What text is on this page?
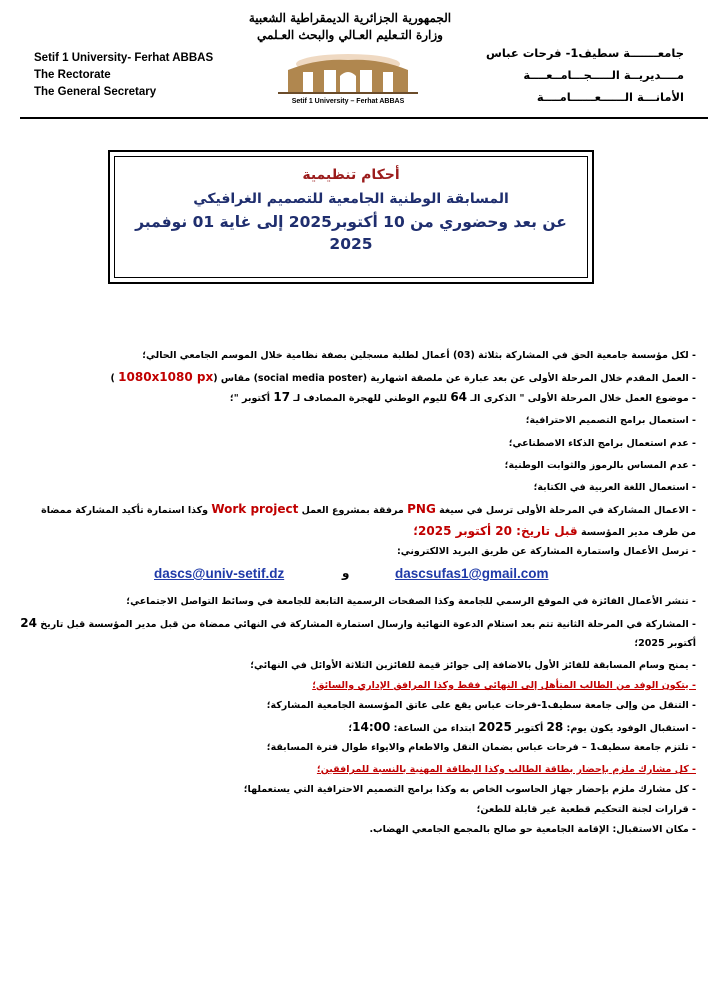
Setif 1 University- Ferhat ABBAS
The Rectorate
The General Secretary
الجمهورية الجزائرية الديمقراطية الشعبية
وزارة التـعليم العـالي والبحث العـلمي
Setif 1 University – Ferhat ABBAS
جامعـــــــة سطيف1- فرحات عباس
مــــديريــة الـــــجـــامــعــــة
الأمانـــة الــــــعــــــامــــة
أحكام تنظيمية
المسابقة الوطنية الجامعية للتصميم الغرافيكي
عن بعد وحضوري من 10 أكتوبر2025 إلى غاية 01 نوفمبر 2025
- لكل مؤسسة جامعية الحق في المشاركة بثلاثة (03) أعمال لطلبة مسجلين بصفة نظامية خلال الموسم الجامعي الحالي؛
- العمل المقدم خلال المرحلة الأولى عن بعد عبارة عن ملصقة اشهارية (social media poster) مقاس (1080x1080 px )
- موضوع العمل خلال المرحلة الأولى " الذكرى الـ 64 لليوم الوطني للهجرة المصادف لـ 17 أكتوبر "؛
- استعمال برامج التصميم الاحترافية؛
- عدم استعمال برامج الذكاء الاصطناعي؛
- عدم المساس بالرموز والثوابت الوطنية؛
- استعمال اللغة العربية في الكتابة؛
- الاعمال المشاركة في المرحلة الأولى ترسل في سيغة PNG مرفقة بمشروع العمل Work project وكذا استمارة تأكيد المشاركة ممضاة
من طرف مدير المؤسسة قبل تاريخ: 20 أكتوبر 2025؛
- ترسل الأعمال واستمارة المشاركة عن طريق البريد الالكتروني:
dascsufas1@gmail.com
و
dascs@univ-setif.dz
- تنشر الأعمال الفائزة في الموقع الرسمي للجامعة وكذا الصفحات الرسمية التابعة للجامعة في وسائط التواصل الاجتماعي؛
- المشاركة في المرحلة الثانية تتم بعد استلام الدعوة النهائية وارسال استمارة المشاركة في النهائي ممضاة من قبل مدير المؤسسة قبل تاريخ 24
أكتوبر 2025؛
- يمنح وسام المسابقة للفائز الأول بالاضافة إلى جوائز قيمة للفائزين الثلاثة الأوائل في النهائي؛
- يتكون الوفد من الطالب المتأهل إلى النهائي فقط وكذا المرافق الإداري والسائق؛
- التنقل من وإلى جامعة سطيف1-فرحات عباس يقع على عاتق المؤسسة الجامعية المشاركة؛
- استقبال الوفود يكون يوم: 28 أكتوبر 2025 ابتداء من الساعة: 14:00؛
- تلتزم جامعة سطيف1 – فرحات عباس بضمان النقل والاطعام والايواء طوال فترة المسابقة؛
- كل مشارك ملزم بإحضار بطاقة الطالب وكذا البطاقة المهنية بالنسبة للمرافقين؛
- كل مشارك ملزم بإحضار جهاز الحاسوب الخاص به وكذا برامج التصميم الاحترافية التي يستعملها؛
- قرارات لجنة التحكيم قطعية غير قابلة للطعن؛
- مكان الاستقبال: الإقامة الجامعية حو صالح بالمجمع الجامعي الهضاب.
